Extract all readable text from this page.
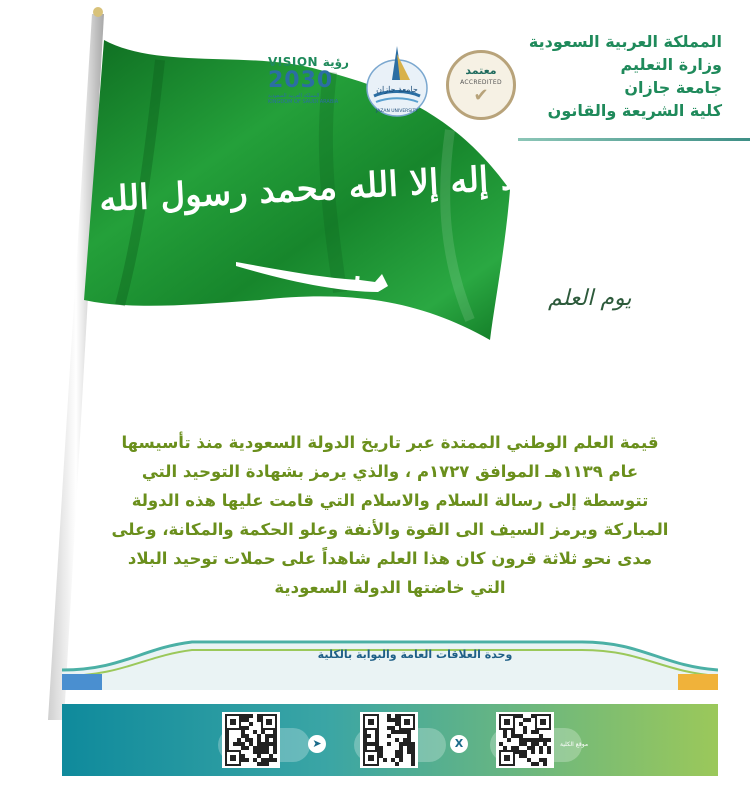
لا إله إلا الله محمد رسول الله
VISION رؤية
2030
المملكة العربية السعودية
KINGDOM OF SAUDI ARABIA
جامعة جازان
JAZAN UNIVERSITY
معتمد
ACCREDITED
✔
المملكة العربية السعودية
وزارة التعليم
جامعة جازان
كلية الشريعة والقانون
يوم العلم

قيمة العلم الوطني الممتدة عبر تاريخ الدولة السعودية منذ تأسيسها

عام ١١٣٩هـ الموافق ١٧٢٧م ، والذي يرمز بشهادة التوحيد التي

تتوسطة إلى رسالة السلام والاسلام التي قامت عليها هذه الدولة

المباركة ويرمز السيف الى القوة والأنفة وعلو الحكمة والمكانة، وعلى

مدى نحو ثلاثة قرون كان هذا العلم شاهداً على حملات توحيد البلاد

التي خاضتها الدولة السعودية

وحدة العلاقات العامة والبوابة بالكلية
موقع الكلية
X
➤
